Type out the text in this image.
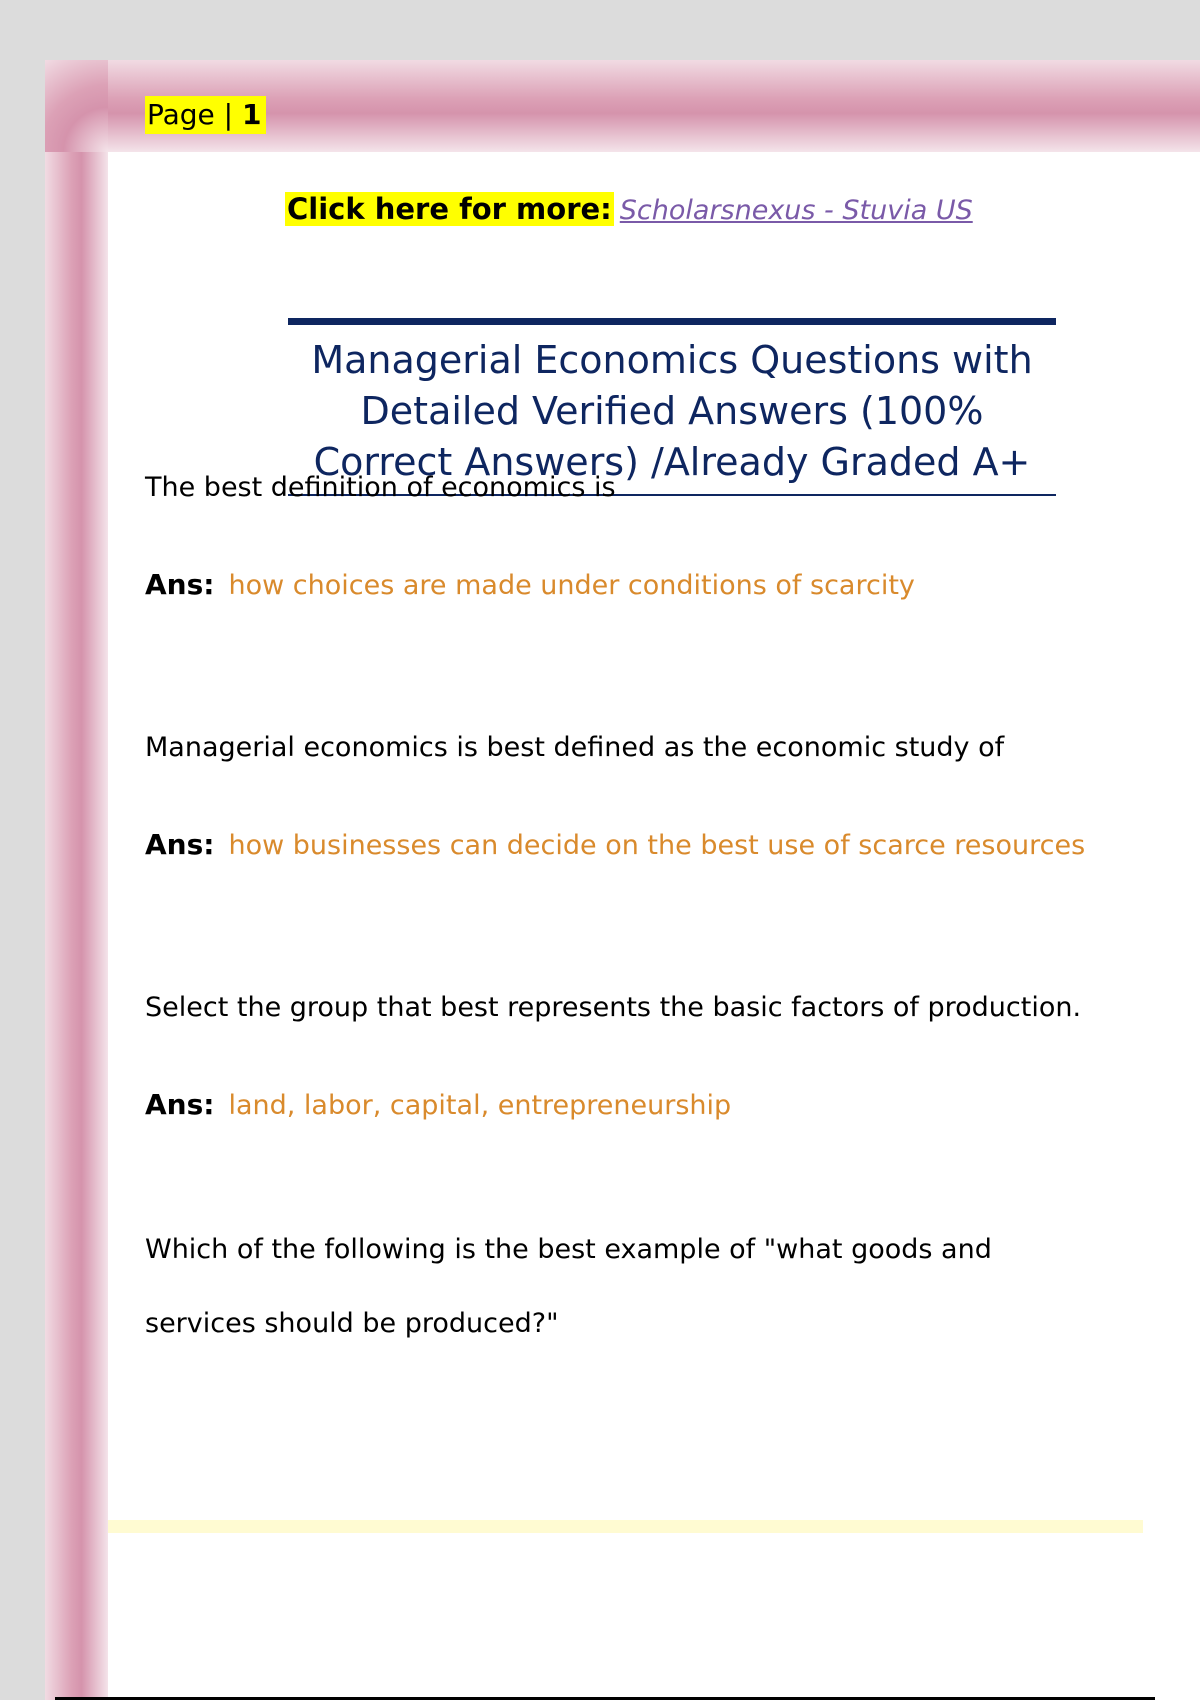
Page | 1
Click here for more: Scholarsnexus - Stuvia US
Managerial Economics Questions with Detailed Verified Answers (100% Correct Answers) /Already Graded A+
The best definition of economics is
Ans: how choices are made under conditions of scarcity
Managerial economics is best defined as the economic study of
Ans: how businesses can decide on the best use of scarce resources
Select the group that best represents the basic factors of production.
Ans: land, labor, capital, entrepreneurship
Which of the following is the best example of "what goods and
services should be produced?"
